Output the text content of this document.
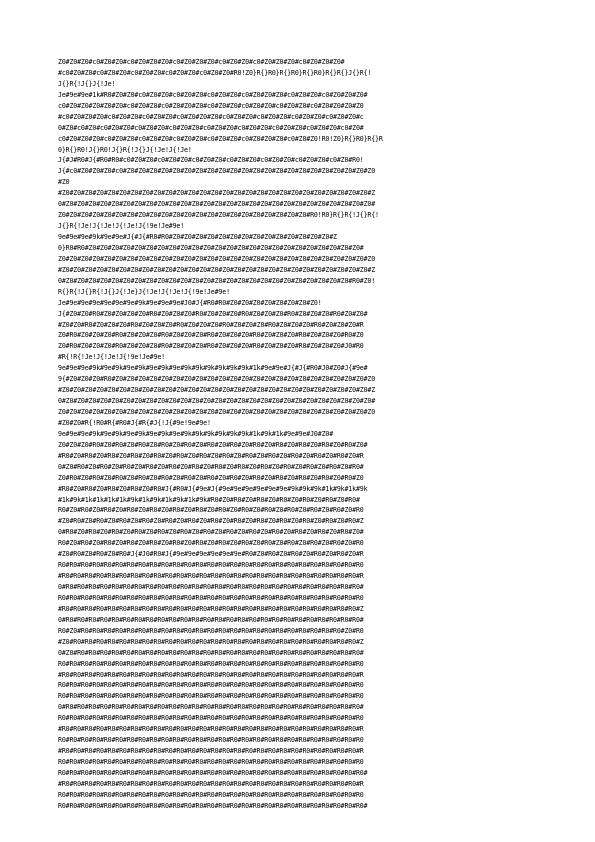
Z0#Z0#Z0#c0#Z0#Z0#c0#Z0#Z0#Z0#c0#Z0#Z0#Z0#c0#Z0#Z0#c0#Z0#Z0#Z0#c0#Z0#Z0#Z0#
#c0#Z0#Z0#c0#Z0#Z0#c0#Z0#Z0#c0#Z0#Z0#c0#Z0#Z0#R0!Z0}R{}R0}R{}R0}R{}R0}R{}R{}J{}R{!
J{}R{!J{}J{!Je!
Je#9e#9e#1k#R0#Z0#Z0#c0#Z0#Z0#c0#Z0#Z0#c0#Z0#Z0#c0#Z0#Z0#Z0#c0#Z0#Z0#c0#Z0#Z0#Z0#
c0#Z0#Z0#Z0#Z0#Z0#c0#Z0#Z0#c0#Z0#Z0#Z0#c0#Z0#Z0#c0#Z0#Z0#c0#Z0#Z0#c0#Z0#Z0#Z0#Z0
#c0#Z0#Z0#Z0#c0#Z0#Z0#c0#Z0#Z0#c0#Z0#Z0#Z0#c0#Z0#Z0#c0#Z0#Z0#c0#Z0#Z0#c0#Z0#Z0#c
0#Z0#c0#Z0#c0#Z0#Z0#c0#Z0#Z0#c0#Z0#Z0#c0#Z0#Z0#c0#Z0#Z0#c0#Z0#Z0#c0#Z0#Z0#c0#Z0#
c0#Z0#Z0#Z0#c0#Z0#Z0#c0#Z0#Z0#c0#Z0#Z0#c0#Z0#Z0#c0#Z0#Z0#Z0#c0#Z0#Z0!R0!Z0}R{}R0}R{}R
0}R{}R0!J{}R0!J{}R{!J{}J{!Je!J{!Je!
J{#J#R0#J{#R0#R0#c0#Z0#Z0#c0#Z0#Z0#c0#Z0#Z0#c0#Z0#Z0#c0#Z0#Z0#c0#Z0#Z0#c0#Z0#R0!
J{#c0#Z0#Z0#Z0#c0#Z0#Z0#Z0#Z0#Z0#Z0#Z0#Z0#Z0#Z0#Z0#Z0#Z0#Z0#Z0#Z0#Z0#Z0#Z0#Z0#Z0#Z0
#Z0
#Z0#Z0#Z0#Z0#Z0#Z0#Z0#Z0#Z0#Z0#Z0#Z0#Z0#Z0#Z0#Z0#Z0#Z0#Z0#Z0#Z0#Z0#Z0#Z0#Z0#Z0#Z0#Z
0#Z0#Z0#Z0#Z0#Z0#Z0#Z0#Z0#Z0#Z0#Z0#Z0#Z0#Z0#Z0#Z0#Z0#Z0#Z0#Z0#Z0#Z0#Z0#Z0#Z0#Z0#Z0#
Z0#Z0#Z0#Z0#Z0#Z0#Z0#Z0#Z0#Z0#Z0#Z0#Z0#Z0#Z0#Z0#Z0#Z0#Z0#Z0#Z0#Z0#R0!R0}R{}R{!J{}R{!
J{}R{!Je!J{!Je!J{!Je!J{!9e!Je#9e!
9e#9e#9e#9k#9e#9e#J{#J{#R0#R0#Z0#Z0#Z0#Z0#Z0#Z0#Z0#Z0#Z0#Z0#Z0#Z0#Z0#Z0#Z
0}R0#R0#Z0#Z0#Z0#Z0#Z0#Z0#Z0#Z0#Z0#Z0#Z0#Z0#Z0#Z0#Z0#Z0#Z0#Z0#Z0#Z0#Z0#Z0#Z0#Z0#
Z0#Z0#Z0#Z0#Z0#Z0#Z0#Z0#Z0#Z0#Z0#Z0#Z0#Z0#Z0#Z0#Z0#Z0#Z0#Z0#Z0#Z0#Z0#Z0#Z0#Z0#Z0#Z0
#Z0#Z0#Z0#Z0#Z0#Z0#Z0#Z0#Z0#Z0#Z0#Z0#Z0#Z0#Z0#Z0#Z0#Z0#Z0#Z0#Z0#Z0#Z0#Z0#Z0#Z0#Z0#Z
0#Z0#Z0#Z0#Z0#Z0#Z0#Z0#Z0#Z0#Z0#Z0#Z0#Z0#Z0#Z0#Z0#Z0#Z0#Z0#Z0#Z0#Z0#Z0#Z0#Z0#R0#Z0!
R{}R{!J{}R{!J{}J{!Je}J{!Je!J{!Je!J{!9e!Je#9e!
Je#9e#9e#9e#9e#9e#9e#9k#9e#9e#9e#J0#J{#R0#R0#Z0#Z0#Z0#Z0#Z0#Z0#Z0#Z0!
J{#Z0#Z0#R0#Z0#Z0#Z0#Z0#R0#Z0#Z0#Z0#R0#Z0#Z0#Z0#R0#Z0#Z0#Z0#R0#Z0#Z0#Z0#R0#Z0#Z0#
#Z0#Z0#R0#Z0#Z0#Z0#R0#Z0#Z0#Z0#R0#Z0#Z0#Z0#R0#Z0#Z0#Z0#R0#Z0#Z0#Z0#R0#Z0#Z0#Z0#R
Z0#R0#Z0#Z0#Z0#R0#Z0#Z0#Z0#R0#Z0#Z0#Z0#R0#Z0#Z0#Z0#R0#Z0#Z0#Z0#R0#Z0#Z0#Z0#R0#Z0
Z0#R0#Z0#Z0#Z0#R0#Z0#Z0#Z0#R0#Z0#Z0#Z0#R0#Z0#Z0#Z0#R0#Z0#Z0#Z0#R0#Z0#Z0#Z0#J0#R0
#R{!R{!Je!J{!Je!J{!9e!Je#9e!
9e#9e#9e#9k#9e#9k#9e#9k#9e#9k#9e#9k#9k#9k#9k#9k#9k#1k#9e#9e#J{#J{#R0#J0#Z0#J{#9e#
9{#Z0#Z0#Z0#R0#Z0#Z0#Z0#Z0#Z0#Z0#Z0#Z0#Z0#Z0#Z0#Z0#Z0#Z0#Z0#Z0#Z0#Z0#Z0#Z0#Z0#Z0#Z0
#Z0#Z0#Z0#Z0#Z0#Z0#Z0#Z0#Z0#Z0#Z0#Z0#Z0#Z0#Z0#Z0#Z0#Z0#Z0#Z0#Z0#Z0#Z0#Z0#Z0#Z0#Z0#Z
0#Z0#Z0#Z0#Z0#Z0#Z0#Z0#Z0#Z0#Z0#Z0#Z0#Z0#Z0#Z0#Z0#Z0#Z0#Z0#Z0#Z0#Z0#Z0#Z0#Z0#Z0#Z0#
Z0#Z0#Z0#Z0#Z0#Z0#Z0#Z0#Z0#Z0#Z0#Z0#Z0#Z0#Z0#Z0#Z0#Z0#Z0#Z0#Z0#Z0#Z0#Z0#Z0#Z0#Z0#Z0
#Z0#Z0#R{!R0#R{#R0#J{#R{#J{!J{#9e!9e#9e!
9e#9e#9e#9k#9e#9k#9e#9k#9e#9k#9e#9k#9k#9k#9k#9k#9k#1k#9k#1k#9e#9e#J0#Z0#
Z0#Z0#Z0#R0#Z0#R0#Z0#R0#Z0#R0#Z0#R0#Z0#R0#Z0#R0#Z0#R0#Z0#R0#Z0#R0#Z0#R0#Z0#R0#Z0#
#R0#Z0#R0#Z0#R0#Z0#R0#Z0#R0#Z0#R0#Z0#R0#Z0#R0#Z0#R0#Z0#R0#Z0#R0#Z0#R0#Z0#R0#Z0#R
0#Z0#R0#Z0#R0#Z0#R0#Z0#R0#Z0#R0#Z0#R0#Z0#R0#Z0#R0#Z0#R0#Z0#R0#Z0#R0#Z0#R0#Z0#R0#
Z0#R0#Z0#R0#Z0#R0#Z0#R0#Z0#R0#Z0#R0#Z0#R0#Z0#R0#Z0#R0#Z0#R0#Z0#R0#Z0#R0#Z0#R0#Z0
#R0#Z0#R0#Z0#R0#Z0#R0#Z0#R0#J{#R0#J{#9e#J{#9e#9e#9e#9e#9e#9e#9k#9k#9k#1k#9k#1k#9k
#1k#9k#1k#1k#1k#1k#9k#1k#9k#1k#9k#1k#9k#R0#Z0#R0#Z0#R0#Z0#R0#Z0#R0#Z0#R0#Z0#R0#
R0#Z0#R0#Z0#R0#Z0#R0#Z0#R0#Z0#R0#Z0#R0#Z0#R0#Z0#R0#Z0#R0#Z0#R0#Z0#R0#Z0#R0#Z0#R0
#Z0#R0#Z0#R0#Z0#R0#Z0#R0#Z0#R0#Z0#R0#Z0#R0#Z0#R0#Z0#R0#Z0#R0#Z0#R0#Z0#R0#Z0#R0#Z
0#R0#Z0#R0#Z0#R0#Z0#R0#Z0#R0#Z0#R0#Z0#R0#Z0#R0#Z0#R0#Z0#R0#Z0#R0#Z0#R0#Z0#R0#Z0#
R0#Z0#R0#Z0#R0#Z0#R0#Z0#R0#Z0#R0#Z0#R0#Z0#R0#Z0#R0#Z0#R0#Z0#R0#Z0#R0#Z0#R0#Z0#R0
#Z0#R0#Z0#R0#Z0#R0#J{#J0#R0#J{#9e#9e#9e#9e#9e#9e#R0#Z0#R0#Z0#R0#Z0#R0#Z0#R0#Z0#R
R0#R0#R0#R0#R0#R0#R0#R0#R0#R0#R0#R0#R0#R0#R0#R0#R0#R0#R0#R0#R0#R0#R0#R0#R0#R0#R0
#R0#R0#R0#R0#R0#R0#R0#R0#R0#R0#R0#R0#R0#R0#R0#R0#R0#R0#R0#R0#R0#R0#R0#R0#R0#R0#R
0#R0#R0#R0#R0#R0#R0#R0#R0#R0#R0#R0#R0#R0#R0#R0#R0#R0#R0#R0#R0#R0#R0#R0#R0#R0#R0#
R0#R0#R0#R0#R0#R0#R0#R0#R0#R0#R0#R0#R0#R0#R0#R0#R0#R0#R0#R0#R0#R0#R0#R0#R0#R0#R0
#R0#R0#R0#R0#R0#R0#R0#R0#R0#R0#R0#R0#R0#R0#R0#R0#R0#R0#R0#R0#R0#R0#R0#R0#R0#R0#Z
0#R0#R0#R0#R0#R0#R0#R0#R0#R0#R0#R0#R0#R0#R0#R0#R0#R0#R0#R0#R0#R0#R0#R0#R0#R0#R0#
R0#Z0#R0#R0#R0#R0#R0#R0#R0#R0#R0#R0#R0#R0#R0#R0#R0#R0#R0#R0#R0#R0#R0#R0#R0#Z0#R0
#Z0#R0#R0#R0#R0#R0#R0#R0#R0#R0#R0#R0#R0#R0#R0#R0#R0#R0#R0#R0#R0#R0#R0#R0#R0#R0#Z
0#Z0#R0#R0#R0#R0#R0#R0#R0#R0#R0#R0#R0#R0#R0#R0#R0#R0#R0#R0#R0#R0#R0#R0#R0#R0#R0#
R0#R0#R0#R0#R0#R0#R0#R0#R0#R0#R0#R0#R0#R0#R0#R0#R0#R0#R0#R0#R0#R0#R0#R0#R0#R0#R0
#R0#R0#R0#R0#R0#R0#R0#R0#R0#R0#R0#R0#R0#R0#R0#R0#R0#R0#R0#R0#R0#R0#R0#R0#R0#R0#R
R0#R0#R0#R0#R0#R0#R0#R0#R0#R0#R0#R0#R0#R0#R0#R0#R0#R0#R0#R0#R0#R0#R0#R0#R0#R0#R0
R0#R0#R0#R0#R0#R0#R0#R0#R0#R0#R0#R0#R0#R0#R0#R0#R0#R0#R0#R0#R0#R0#R0#R0#R0#R0#R0
0#R0#R0#R0#R0#R0#R0#R0#R0#R0#R0#R0#R0#R0#R0#R0#R0#R0#R0#R0#R0#R0#R0#R0#R0#R0#R0#
R0#R0#R0#R0#R0#R0#R0#R0#R0#R0#R0#R0#R0#R0#R0#R0#R0#R0#R0#R0#R0#R0#R0#R0#R0#R0#R0
#R0#R0#R0#R0#R0#R0#R0#R0#R0#R0#R0#R0#R0#R0#R0#R0#R0#R0#R0#R0#R0#R0#R0#R0#R0#R0#R
R0#R0#R0#R0#R0#R0#R0#R0#R0#R0#R0#R0#R0#R0#R0#R0#R0#R0#R0#R0#R0#R0#R0#R0#R0#R0#R0
#R0#R0#R0#R0#R0#R0#R0#R0#R0#R0#R0#R0#R0#R0#R0#R0#R0#R0#R0#R0#R0#R0#R0#R0#R0#R0#R
R0#R0#R0#R0#R0#R0#R0#R0#R0#R0#R0#R0#R0#R0#R0#R0#R0#R0#R0#R0#R0#R0#R0#R0#R0#R0#R0
R0#R0#R0#R0#R0#R0#R0#R0#R0#R0#R0#R0#R0#R0#R0#R0#R0#R0#R0#R0#R0#R0#R0#R0#R0#R0#R0#
#R0#R0#R0#R0#R0#R0#R0#R0#R0#R0#R0#R0#R0#R0#R0#R0#R0#R0#R0#R0#R0#R0#R0#R0#R0#R0#R
R0#R0#R0#R0#R0#R0#R0#R0#R0#R0#R0#R0#R0#R0#R0#R0#R0#R0#R0#R0#R0#R0#R0#R0#R0#R0#R0
R0#R0#R0#R0#R0#R0#R0#R0#R0#R0#R0#R0#R0#R0#R0#R0#R0#R0#R0#R0#R0#R0#R0#R0#R0#R0#R0#
